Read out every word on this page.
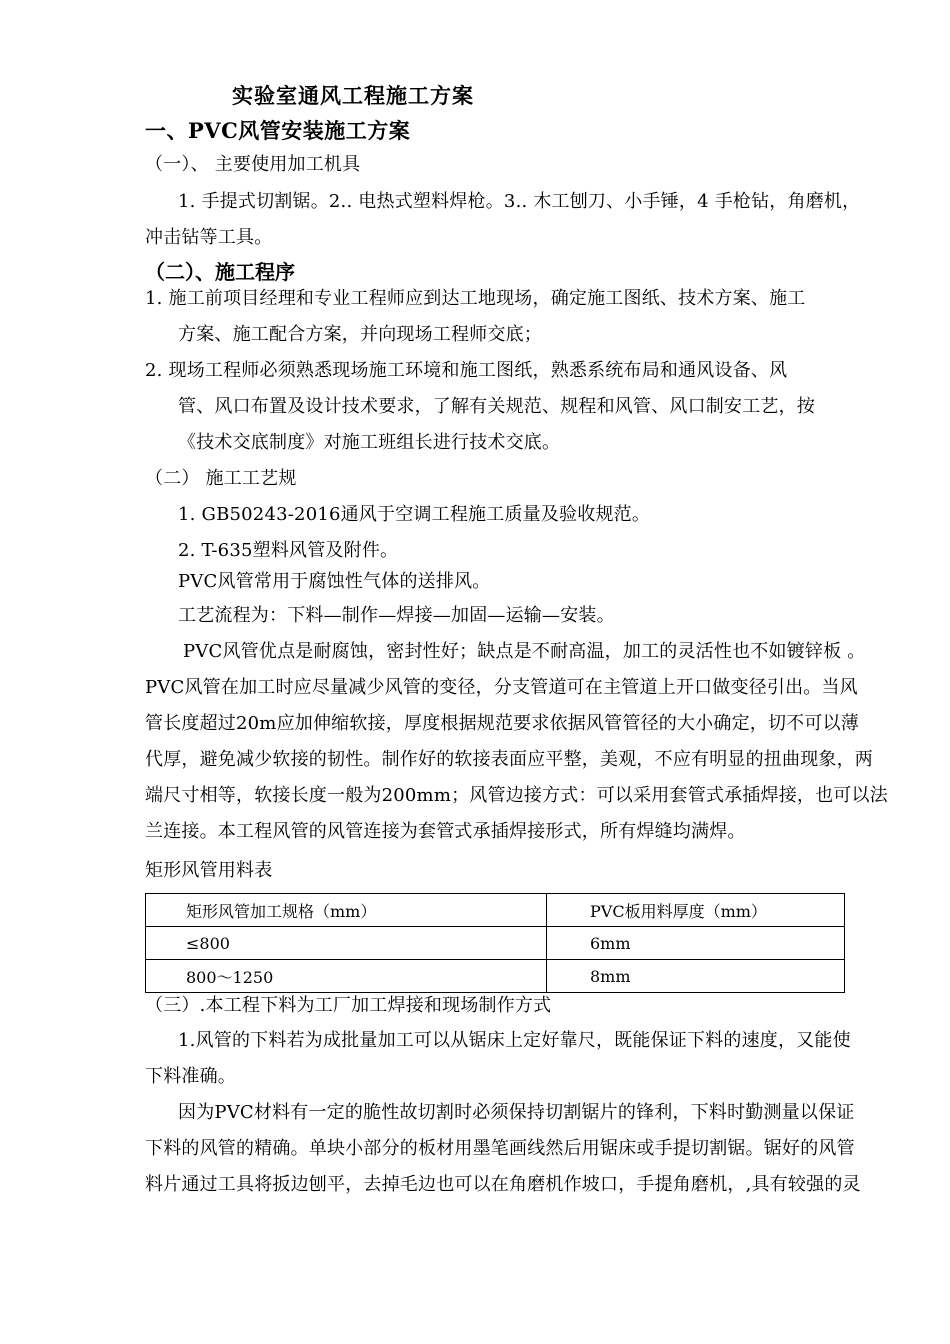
实验室通风工程施工方案
一、PVC风管安装施工方案
（一）、 主要使用加工机具
1. 手提式切割锯。2.. 电热式塑料焊枪。3.. 木工刨刀、小手锤，4 手枪钻，角磨机，
冲击钻等工具。
（二）、施工程序
1. 施工前项目经理和专业工程师应到达工地现场，确定施工图纸、技术方案、施工
方案、施工配合方案，并向现场工程师交底；
2. 现场工程师必须熟悉现场施工环境和施工图纸，熟悉系统布局和通风设备、风
管、风口布置及设计技术要求，了解有关规范、规程和风管、风口制安工艺，按
《技术交底制度》对施工班组长进行技术交底。
（二） 施工工艺规
1. GB50243-2016通风于空调工程施工质量及验收规范。
2. T-635塑料风管及附件。
PVC风管常用于腐蚀性气体的送排风。
工艺流程为：下料—制作—焊接—加固—运输—安装。
PVC风管优点是耐腐蚀，密封性好；缺点是不耐高温，加工的灵活性也不如镀锌板 。
PVC风管在加工时应尽量减少风管的变径，分支管道可在主管道上开口做变径引出。当风
管长度超过20m应加伸缩软接，厚度根据规范要求依据风管管径的大小确定，切不可以薄
代厚，避免减少软接的韧性。制作好的软接表面应平整，美观，不应有明显的扭曲现象，两
端尺寸相等，软接长度一般为200mm；风管边接方式：可以采用套管式承插焊接，也可以法
兰连接。本工程风管的风管连接为套管式承插焊接形式，所有焊缝均满焊。
矩形风管用料表
矩形风管加工规格（mm）	PVC板用料厚度（mm）
≤800	6mm
800～1250	8mm
（三）.本工程下料为工厂加工焊接和现场制作方式
1.风管的下料若为成批量加工可以从锯床上定好靠尺，既能保证下料的速度，又能使
下料准确。
因为PVC材料有一定的脆性故切割时必须保持切割锯片的锋利，下料时勤测量以保证
下料的风管的精确。单块小部分的板材用墨笔画线然后用锯床或手提切割锯。锯好的风管
料片通过工具将扳边刨平，去掉毛边也可以在角磨机作坡口，手提角磨机，,具有较强的灵
